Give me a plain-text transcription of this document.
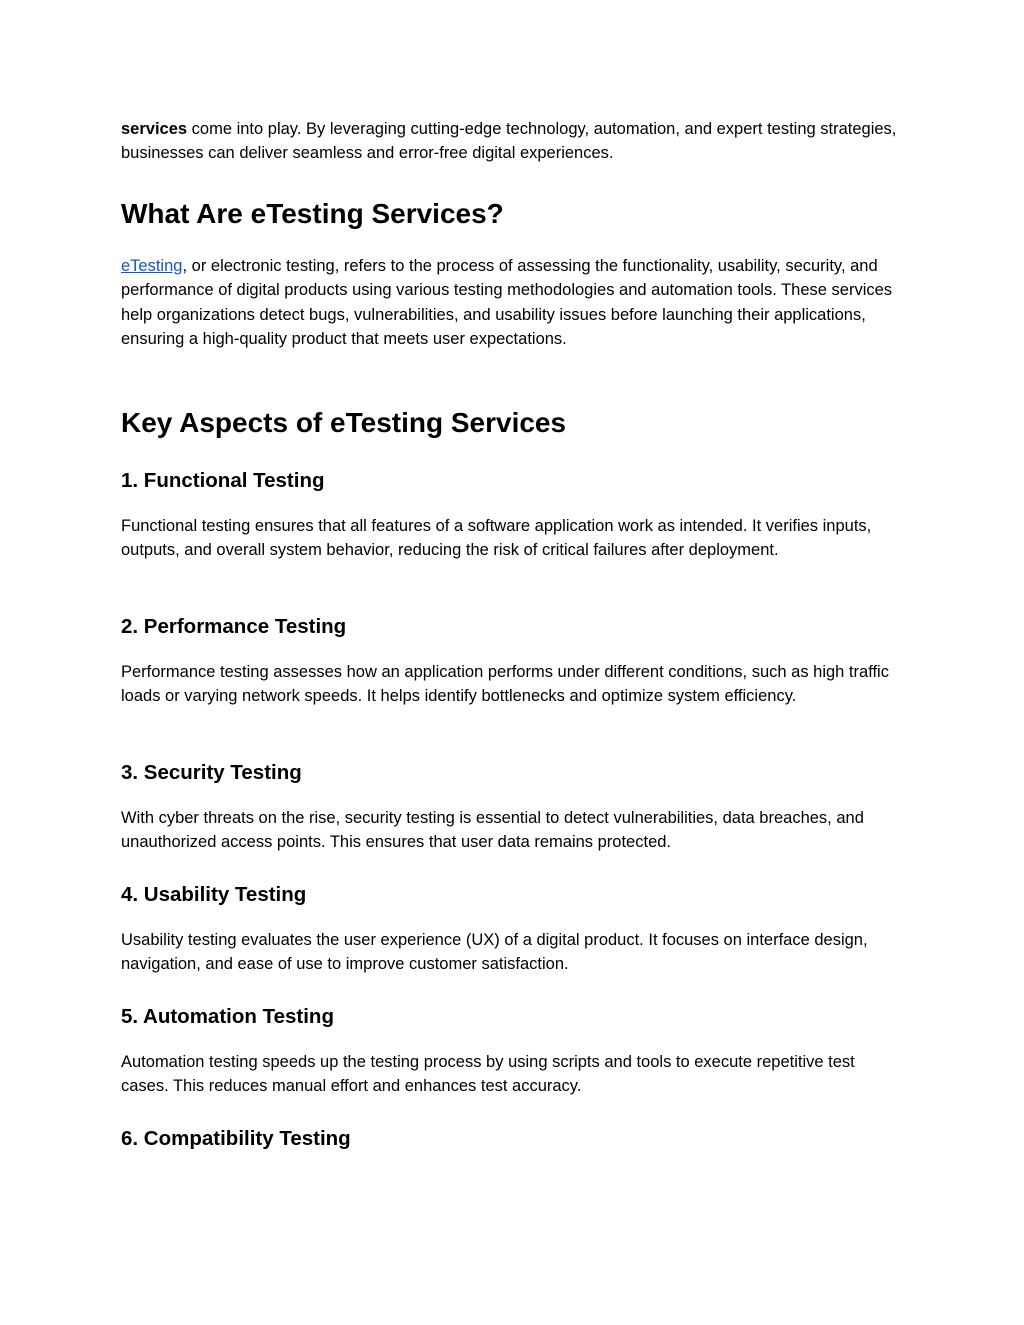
services come into play. By leveraging cutting-edge technology, automation, and expert testing strategies, businesses can deliver seamless and error-free digital experiences.

What Are eTesting Services?

eTesting, or electronic testing, refers to the process of assessing the functionality, usability, security, and performance of digital products using various testing methodologies and automation tools. These services help organizations detect bugs, vulnerabilities, and usability issues before launching their applications, ensuring a high-quality product that meets user expectations.

Key Aspects of eTesting Services
1. Functional Testing

Functional testing ensures that all features of a software application work as intended. It verifies inputs, outputs, and overall system behavior, reducing the risk of critical failures after deployment.

2. Performance Testing

Performance testing assesses how an application performs under different conditions, such as high traffic loads or varying network speeds. It helps identify bottlenecks and optimize system efficiency.

3. Security Testing

With cyber threats on the rise, security testing is essential to detect vulnerabilities, data breaches, and unauthorized access points. This ensures that user data remains protected.

4. Usability Testing

Usability testing evaluates the user experience (UX) of a digital product. It focuses on interface design, navigation, and ease of use to improve customer satisfaction.

5. Automation Testing

Automation testing speeds up the testing process by using scripts and tools to execute repetitive test cases. This reduces manual effort and enhances test accuracy.

6. Compatibility Testing
